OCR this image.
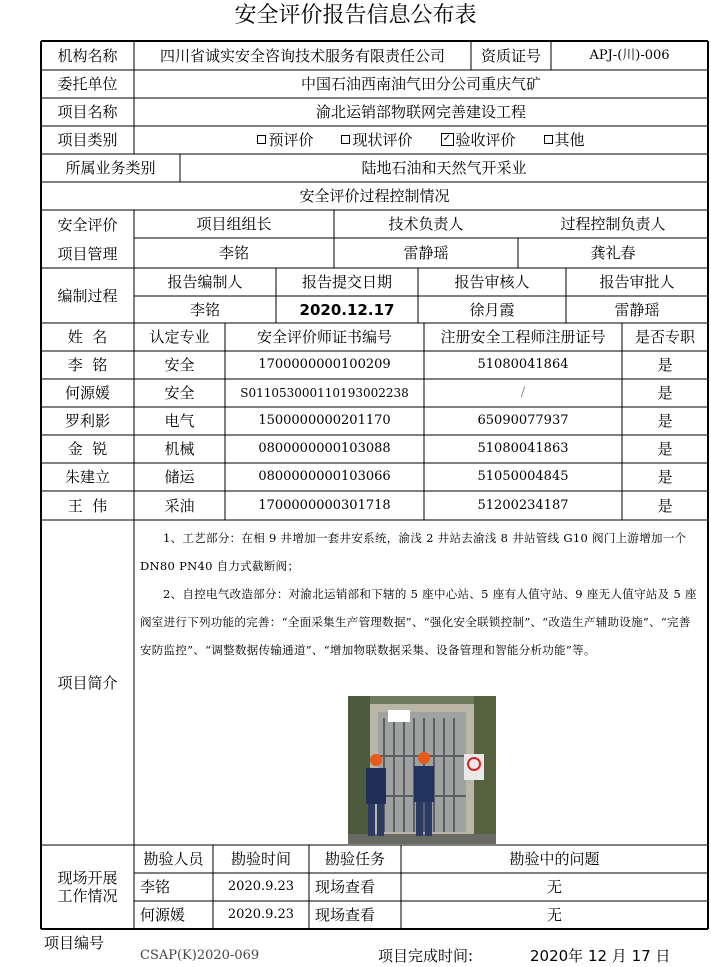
安全评价报告信息公布表
机构名称	四川省诚实安全咨询技术服务有限责任公司	资质证号	APJ-(川)-006
委托单位	中国石油西南油气田分公司重庆气矿
项目名称	渝北运销部物联网完善建设工程
项目类别	预评价	现状评价	✓ 验收评价	其他
所属业务类别	陆地石油和天然气开采业
安全评价过程控制情况
安全评价
项目管理
项目组组长	技术负责人	过程控制负责人
李铭	雷静瑶	龚礼春
编制过程
报告编制人	报告提交日期	报告审核人	报告审批人
李铭	2020.12.17	徐月霞	雷静瑶
姓  名	认定专业	安全评价师证书编号	注册安全工程师注册证号	是否专职
李  铭	安全	1700000000100209	51080041864	是
何源媛	安全	S011053000110193002238	/	是
罗利影	电气	1500000000201170	65090077937	是
金  锐	机械	0800000000103088	51080041863	是
朱建立	储运	0800000000103066	51050004845	是
王  伟	采油	1700000000301718	51200234187	是
项目简介

1、工艺部分：在相 9 井增加一套井安系统，渝浅 2 井站去渝浅 8 井站管线 G10 阀门上游增加一个 DN80 PN40 自力式截断阀；

2、自控电气改造部分：对渝北运销部和下辖的 5 座中心站、5 座有人值守站、9 座无人值守站及 5 座阀室进行下列功能的完善：“全面采集生产管理数据”、“强化安全联锁控制”、“改造生产辅助设施”、“完善安防监控”、“调整数据传输通道”、“增加物联数据采集、设备管理和智能分析功能”等。

现场开展
工作情况
勘验人员	勘验时间	勘验任务	勘验中的问题
李铭	2020.9.23	现场查看	无
何源媛	2020.9.23	现场查看	无
项目编号
CSAP(K)2020-069	项目完成时间:	2020年 12 月 17 日
